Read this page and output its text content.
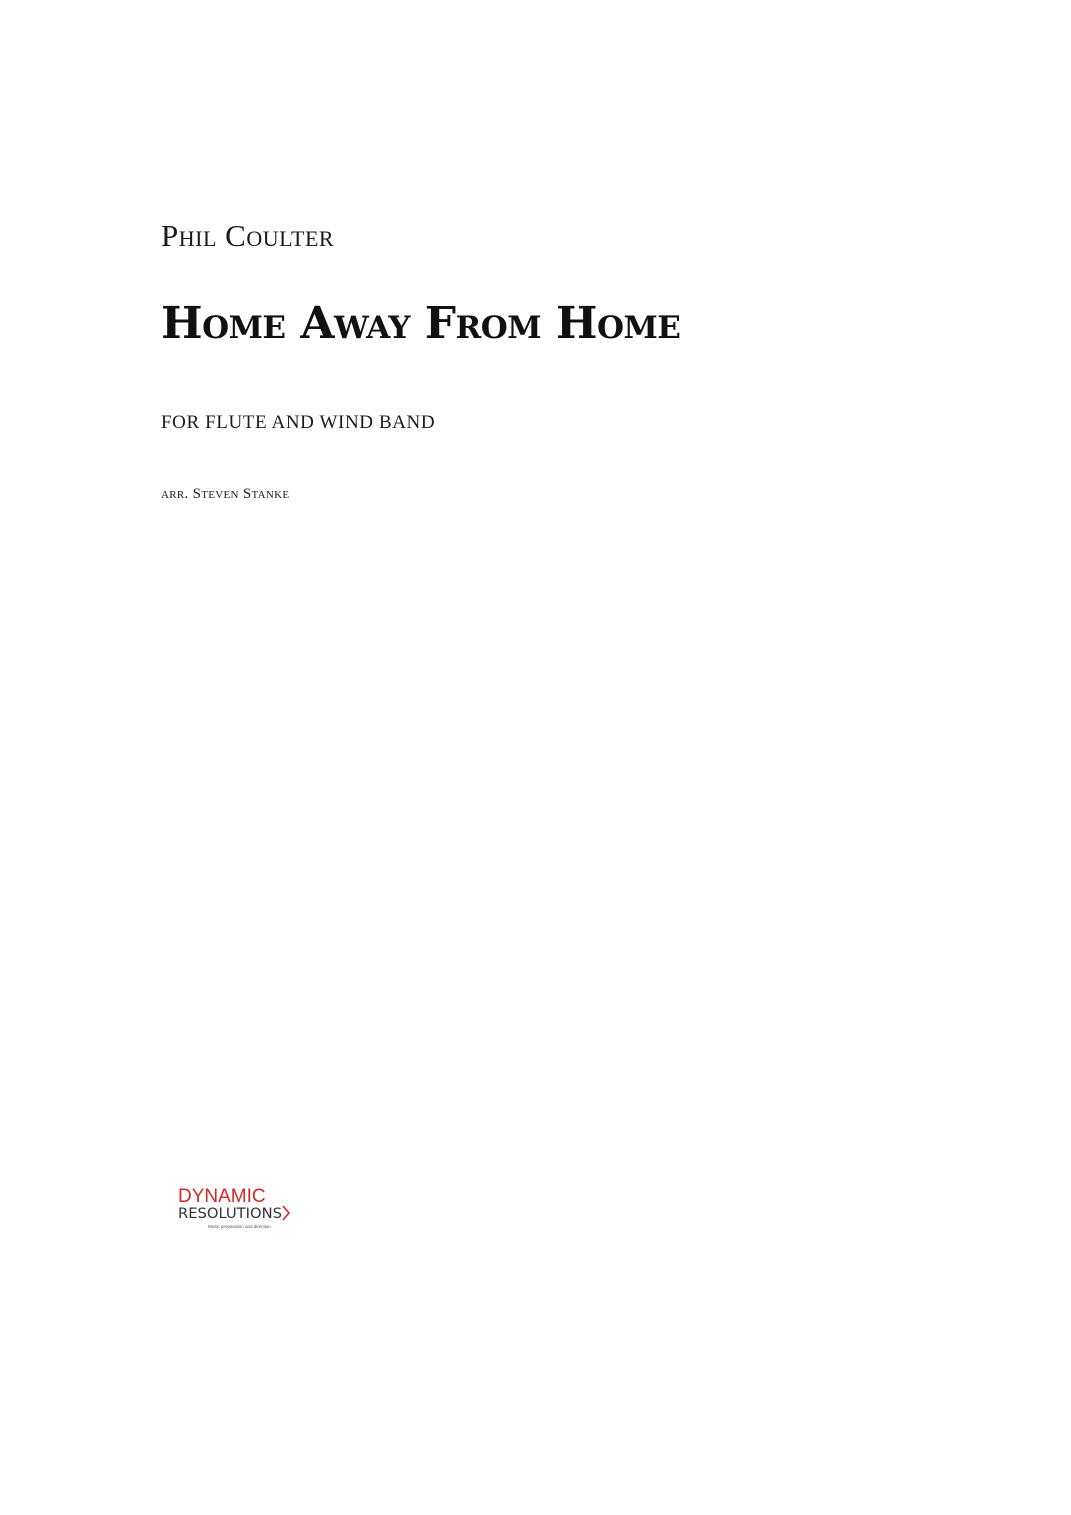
Phil Coulter
Home Away From Home
FOR FLUTE AND WIND BAND
arr. Steven Stanke
DYNAMIC
RESOLUTIONS
Music preparation and direction
